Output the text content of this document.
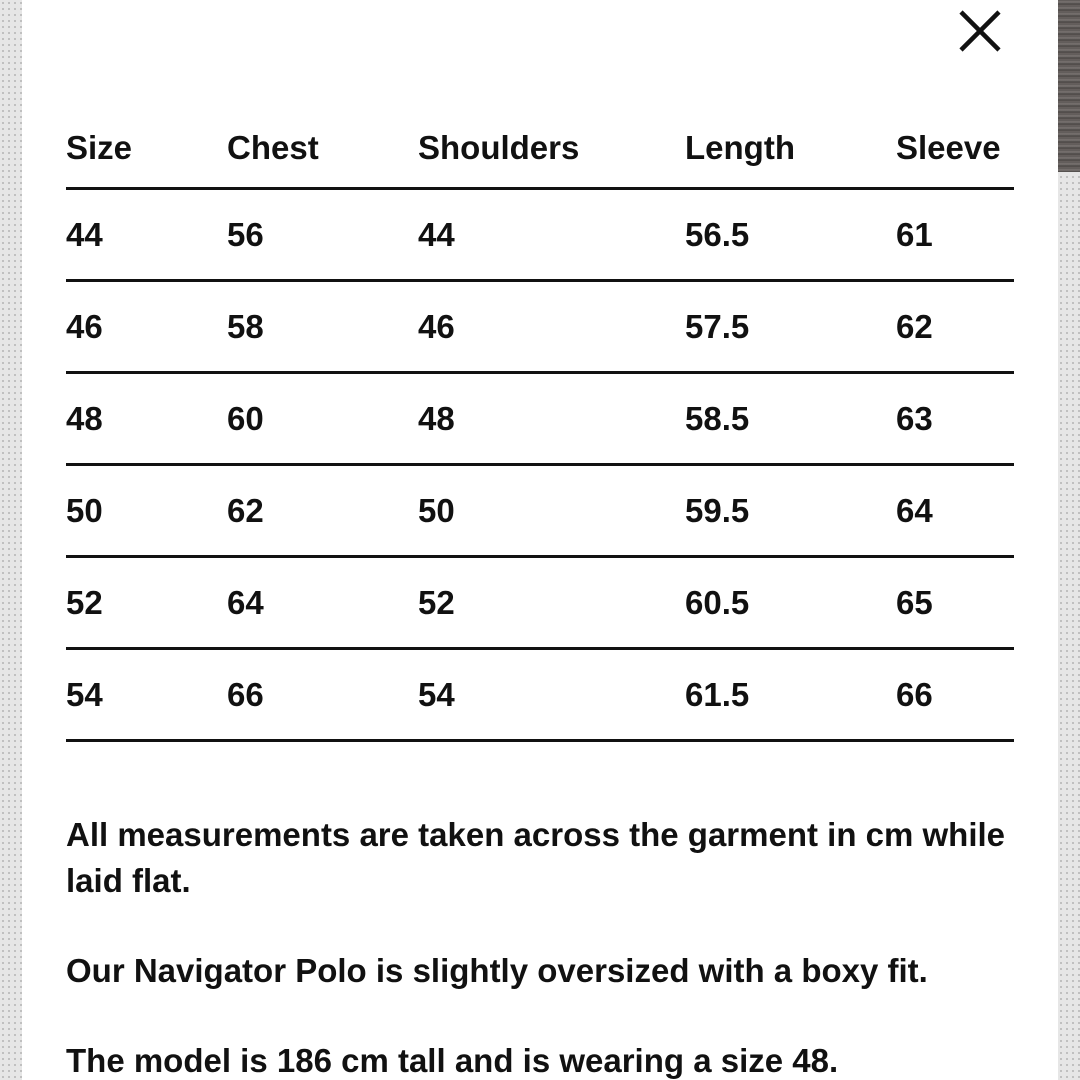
Size	Chest	Shoulders	Length	Sleeve
44	56	44	56.5	61
46	58	46	57.5	62
48	60	48	58.5	63
50	62	50	59.5	64
52	64	52	60.5	65
54	66	54	61.5	66

All measurements are taken across the garment in cm while laid flat.

Our Navigator Polo is slightly oversized with a boxy fit.

The model is 186 cm tall and is wearing a size 48.
